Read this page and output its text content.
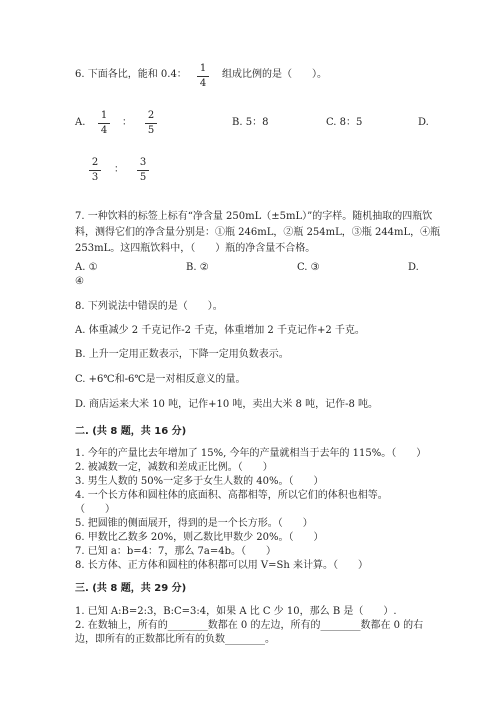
6. 下面各比，能和 0.4：
1
4
组成比例的是（　　）。
A.
1
4
：
2
5
B. 5：8	C. 8：5	D.
2
3
：
3
5
7. 一种饮料的标签上标有“净含量 250mL（±5mL）”的字样。随机抽取的四瓶饮
料，测得它们的净含量分别是：①瓶 246mL，②瓶 254mL，③瓶 244mL，④瓶
253mL。这四瓶饮料中，（　　）瓶的净含量不合格。
A. ①	B. ②	C. ③	D.
④
8. 下列说法中错误的是（　　）。
A. 体重减少 2 千克记作-2 千克，体重增加 2 千克记作+2 千克。
B. 上升一定用正数表示，下降一定用负数表示。
C. +6℃和-6℃是一对相反意义的量。
D. 商店运来大米 10 吨，记作+10 吨，卖出大米 8 吨，记作-8 吨。
二. (共 8 题，共 16 分)
1. 今年的产量比去年增加了 15%, 今年的产量就相当于去年的 115%。（　　）
2. 被减数一定，减数和差成正比例。（　　）
3. 男生人数的 50%一定多于女生人数的 40%。（　　）
4. 一个长方体和圆柱体的底面积、高都相等，所以它们的体积也相等。
（　　）
5. 把圆锥的侧面展开，得到的是一个长方形。（　　）
6. 甲数比乙数多 20%，则乙数比甲数少 20%。（　　）
7. 已知 a：b=4：7，那么 7a=4b。（　　）
8. 长方体、正方体和圆柱的体积都可以用 V=Sh 来计算。（　　）
三. (共 8 题，共 29 分)
1. 已知 A:B=2:3，B:C=3:4，如果 A 比 C 少 10，那么 B 是（　　）.
2. 在数轴上，所有的________数都在 0 的左边，所有的________数都在 0 的右
边，即所有的正数都比所有的负数________。
